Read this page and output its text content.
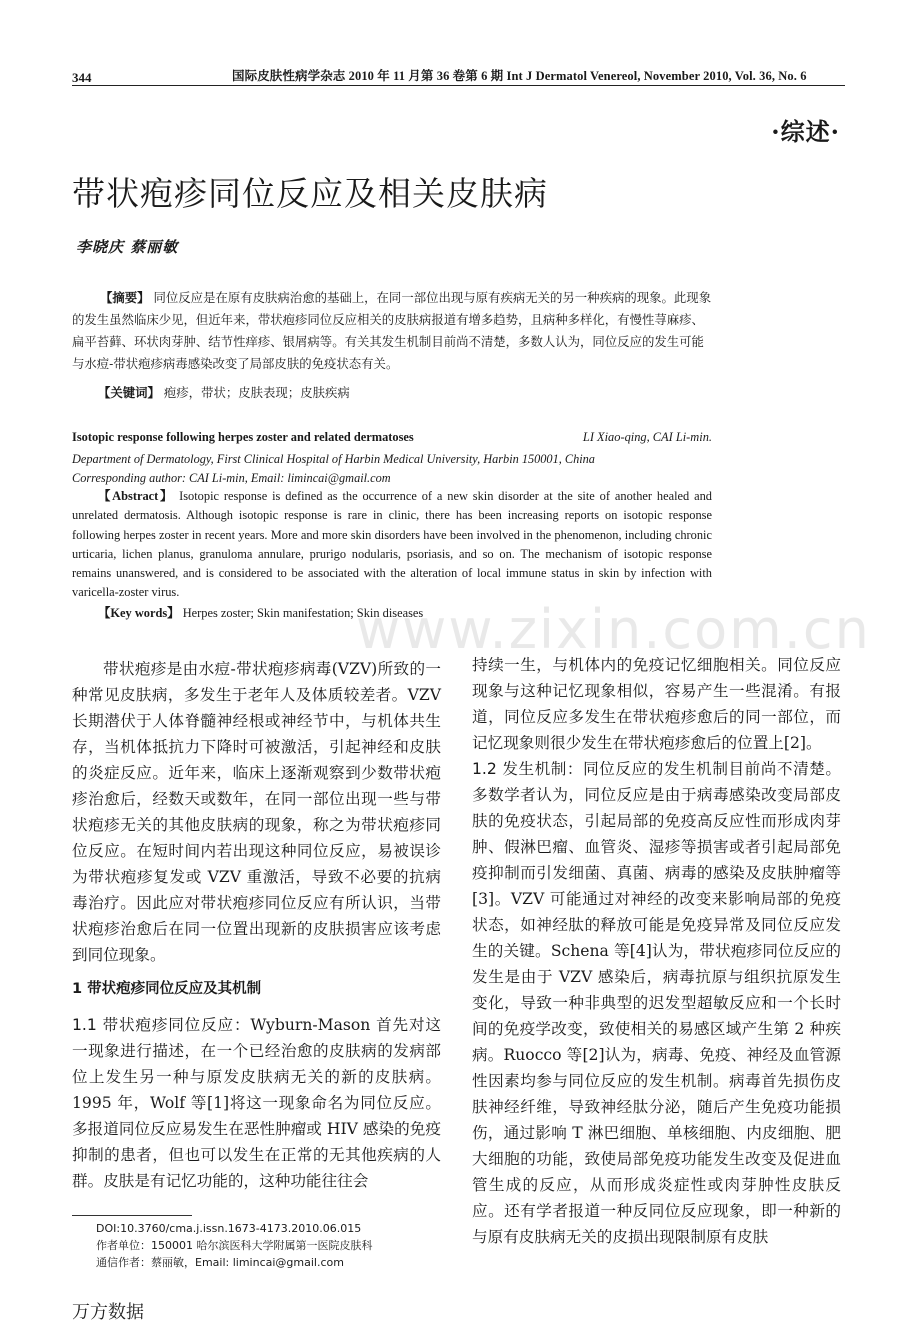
344	国际皮肤性病学杂志 2010 年 11 月第 36 卷第 6 期 Int J Dermatol Venereol, November 2010, Vol. 36, No. 6
·综述·
带状疱疹同位反应及相关皮肤病
李晓庆 蔡丽敏
【摘要】 同位反应是在原有皮肤病治愈的基础上，在同一部位出现与原有疾病无关的另一种疾病的现象。此现象的发生虽然临床少见，但近年来，带状疱疹同位反应相关的皮肤病报道有增多趋势，且病种多样化，有慢性荨麻疹、扁平苔藓、环状肉芽肿、结节性痒疹、银屑病等。有关其发生机制目前尚不清楚，多数人认为，同位反应的发生可能与水痘-带状疱疹病毒感染改变了局部皮肤的免疫状态有关。
【关键词】 疱疹，带状；皮肤表现；皮肤疾病
www.zixin.com.cn
Isotopic response following herpes zoster and related dermatoses	LI Xiao-qing, CAI Li-min.
Department of Dermatology, First Clinical Hospital of Harbin Medical University, Harbin 150001, China
Corresponding author: CAI Li-min, Email: limincai@gmail.com
【Abstract】 Isotopic response is defined as the occurrence of a new skin disorder at the site of another healed and unrelated dermatosis. Although isotopic response is rare in clinic, there has been increasing reports on isotopic response following herpes zoster in recent years. More and more skin disorders have been involved in the phenomenon, including chronic urticaria, lichen planus, granuloma annulare, prurigo nodularis, psoriasis, and so on. The mechanism of isotopic response remains unanswered, and is considered to be associated with the alteration of local immune status in skin by infection with varicella-zoster virus.
【Key words】 Herpes zoster; Skin manifestation; Skin diseases

带状疱疹是由水痘-带状疱疹病毒(VZV)所致的一种常见皮肤病，多发生于老年人及体质较差者。VZV 长期潜伏于人体脊髓神经根或神经节中，与机体共生存，当机体抵抗力下降时可被激活，引起神经和皮肤的炎症反应。近年来，临床上逐渐观察到少数带状疱疹治愈后，经数天或数年，在同一部位出现一些与带状疱疹无关的其他皮肤病的现象，称之为带状疱疹同位反应。在短时间内若出现这种同位反应，易被误诊为带状疱疹复发或 VZV 重激活，导致不必要的抗病毒治疗。因此应对带状疱疹同位反应有所认识，当带状疱疹治愈后在同一位置出现新的皮肤损害应该考虑到同位现象。

1 带状疱疹同位反应及其机制

1.1 带状疱疹同位反应：Wyburn-Mason 首先对这一现象进行描述，在一个已经治愈的皮肤病的发病部位上发生另一种与原发皮肤病无关的新的皮肤病。1995 年，Wolf 等[1]将这一现象命名为同位反应。多报道同位反应易发生在恶性肿瘤或 HIV 感染的免疫抑制的患者，但也可以发生在正常的无其他疾病的人群。皮肤是有记忆功能的，这种功能往往会

持续一生，与机体内的免疫记忆细胞相关。同位反应现象与这种记忆现象相似，容易产生一些混淆。有报道，同位反应多发生在带状疱疹愈后的同一部位，而记忆现象则很少发生在带状疱疹愈后的位置上[2]。

1.2 发生机制：同位反应的发生机制目前尚不清楚。多数学者认为，同位反应是由于病毒感染改变局部皮肤的免疫状态，引起局部的免疫高反应性而形成肉芽肿、假淋巴瘤、血管炎、湿疹等损害或者引起局部免疫抑制而引发细菌、真菌、病毒的感染及皮肤肿瘤等[3]。VZV 可能通过对神经的改变来影响局部的免疫状态，如神经肽的释放可能是免疫异常及同位反应发生的关键。Schena 等[4]认为，带状疱疹同位反应的发生是由于 VZV 感染后，病毒抗原与组织抗原发生变化，导致一种非典型的迟发型超敏反应和一个长时间的免疫学改变，致使相关的易感区域产生第 2 种疾病。Ruocco 等[2]认为，病毒、免疫、神经及血管源性因素均参与同位反应的发生机制。病毒首先损伤皮肤神经纤维，导致神经肽分泌，随后产生免疫功能损伤，通过影响 T 淋巴细胞、单核细胞、内皮细胞、肥大细胞的功能，致使局部免疫功能发生改变及促进血管生成的反应，从而形成炎症性或肉芽肿性皮肤反应。还有学者报道一种反同位反应现象，即一种新的与原有皮肤病无关的皮损出现限制原有皮肤

DOI:10.3760/cma.j.issn.1673-4173.2010.06.015
作者单位：150001 哈尔滨医科大学附属第一医院皮肤科
通信作者：蔡丽敏，Email: limincai@gmail.com
万方数据
